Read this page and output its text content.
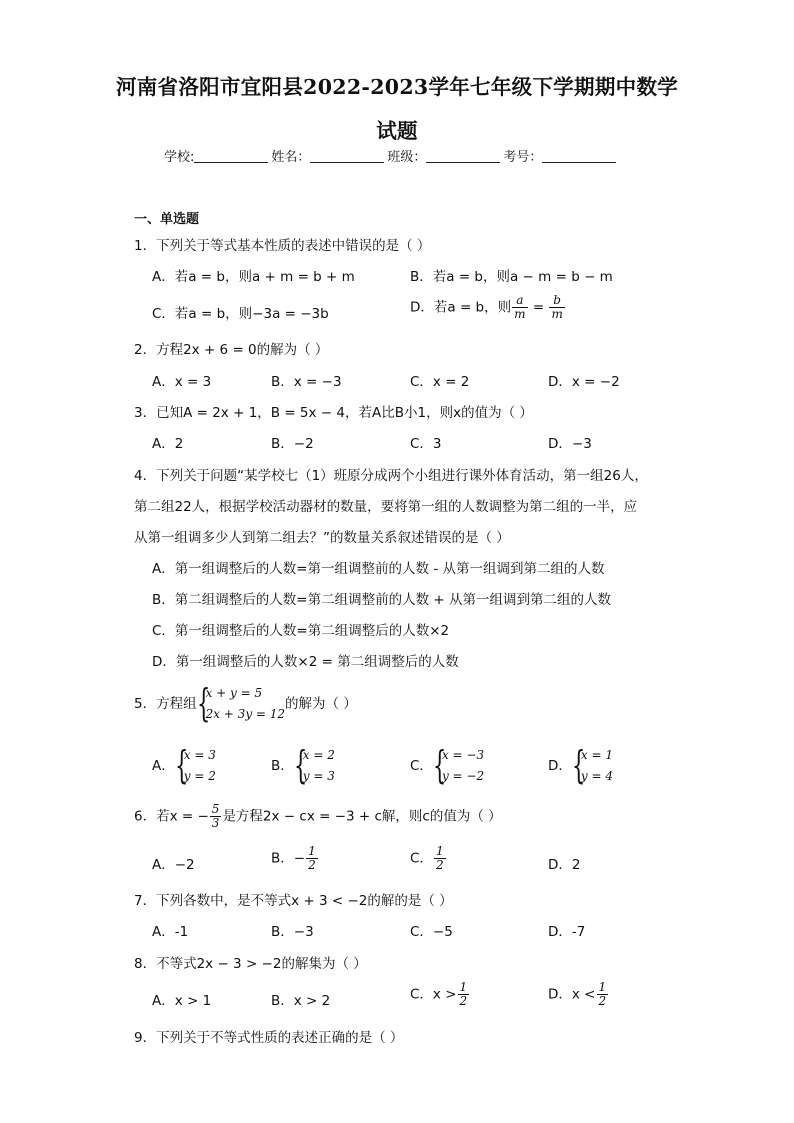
河南省洛阳市宜阳县2022-2023学年七年级下学期期中数学
试题
学校:	姓名：	班级：	考号：
一、单选题
1．下列关于等式基本性质的表述中错误的是（ ）
A．若a = b，则a + m = b + m	B．若a = b，则a − m = b − m
C．若a = b，则−3a = −3b	D．若a = b，则 $\frac{a}{m} = \frac{b}{m}$
2．方程2x + 6 = 0的解为（ ）
A．x = 3	B．x = −3	C．x = 2	D．x = −2
3．已知A = 2x + 1，B = 5x − 4，若A比B小1，则x的值为（ ）
A．2	B．−2	C．3	D．−3
4．下列关于问题“某学校七（1）班原分成两个小组进行课外体育活动，第一组26人，
第二组22人，根据学校活动器材的数量，要将第一组的人数调整为第二组的一半，应
从第一组调多少人到第二组去？”的数量关系叙述错误的是（ ）
A．第一组调整后的人数=第一组调整前的人数 - 从第一组调到第二组的人数
B．第二组调整后的人数=第二组调整前的人数 + 从第一组调到第二组的人数
C．第一组调整后的人数=第二组调整后的人数×2
D．第一组调整后的人数×2 = 第二组调整后的人数
5．方程组 {
x + y = 5
2x + 3y = 12
的解为（ ）
A． {
x = 3
y = 2
B． {
x = 2
y = 3
C． {
x = −3
y = −2
D． {
x = 1
y = 4
6．若x = − $\frac{5}{3}$ 是方程2x − cx = −3 + c解，则c的值为（ ）
A．−2	B．− $\frac{1}{2}$	C． $\frac{1}{2}$	D．2
7．下列各数中，是不等式x + 3 < −2的解的是（ ）
A．-1	B．−3	C．−5	D．-7
8．不等式2x − 3 > −2的解集为（ ）
A．x > 1	B．x > 2	C．$x > \frac{1}{2}$	D．$x < \frac{1}{2}$
9．下列关于不等式性质的表述正确的是（ ）
